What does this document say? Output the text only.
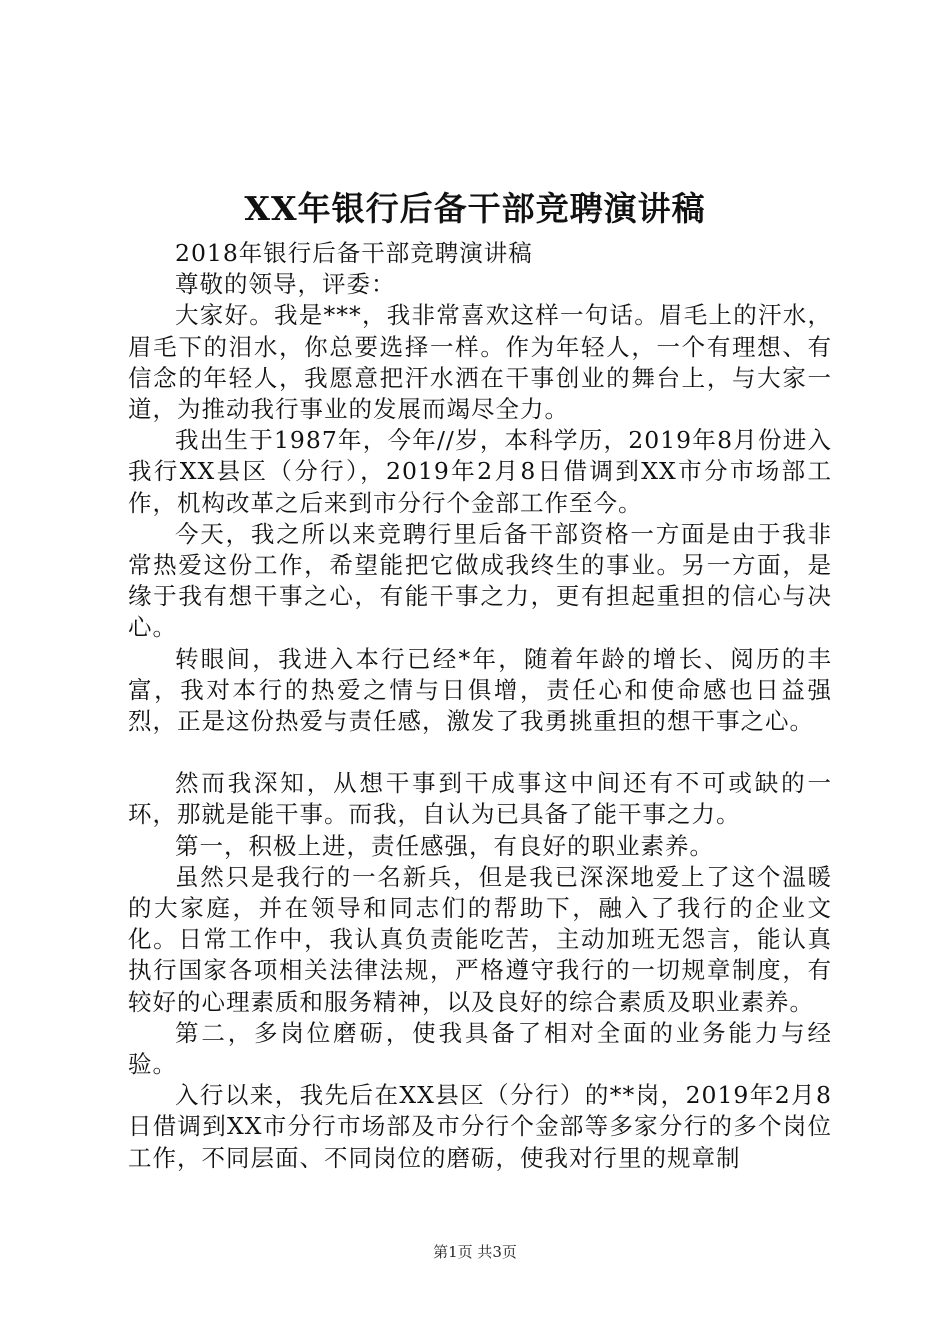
XX年银行后备干部竞聘演讲稿

2018年银行后备干部竞聘演讲稿

尊敬的领导，评委：

大家好。我是***，我非常喜欢这样一句话。眉毛上的汗水，眉毛下的泪水，你总要选择一样。作为年轻人，一个有理想、有信念的年轻人，我愿意把汗水洒在干事创业的舞台上，与大家一道，为推动我行事业的发展而竭尽全力。

我出生于1987年，今年//岁，本科学历，2019年8月份进入我行XX县区（分行），2019年2月8日借调到XX市分市场部工作，机构改革之后来到市分行个金部工作至今。

今天，我之所以来竞聘行里后备干部资格一方面是由于我非常热爱这份工作，希望能把它做成我终生的事业。另一方面，是缘于我有想干事之心，有能干事之力，更有担起重担的信心与决心。

转眼间，我进入本行已经*年，随着年龄的增长、阅历的丰富，我对本行的热爱之情与日俱增，责任心和使命感也日益强烈，正是这份热爱与责任感，激发了我勇挑重担的想干事之心。

然而我深知，从想干事到干成事这中间还有不可或缺的一环，那就是能干事。而我，自认为已具备了能干事之力。

第一，积极上进，责任感强，有良好的职业素养。

虽然只是我行的一名新兵，但是我已深深地爱上了这个温暖的大家庭，并在领导和同志们的帮助下，融入了我行的企业文化。日常工作中，我认真负责能吃苦，主动加班无怨言，能认真执行国家各项相关法律法规，严格遵守我行的一切规章制度，有较好的心理素质和服务精神，以及良好的综合素质及职业素养。

第二，多岗位磨砺，使我具备了相对全面的业务能力与经验。

入行以来，我先后在XX县区（分行）的**岗，2019年2月8日借调到XX市分行市场部及市分行个金部等多家分行的多个岗位工作，不同层面、不同岗位的磨砺，使我对行里的规章制

第1页 共3页
